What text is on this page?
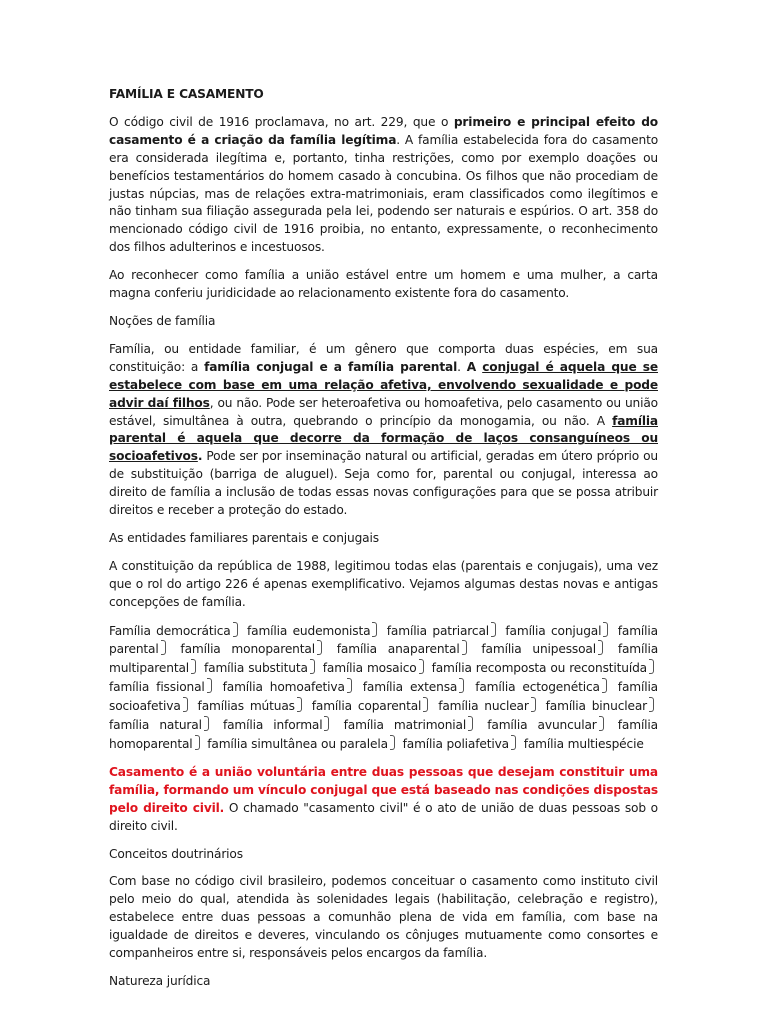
FAMÍLIA E CASAMENTO

O código civil de 1916 proclamava, no art. 229, que o primeiro e principal efeito do casamento é a criação da família legítima. A família estabelecida fora do casamento era considerada ilegítima e, portanto, tinha restrições, como por exemplo doações ou benefícios testamentários do homem casado à concubina. Os filhos que não procediam de justas núpcias, mas de relações extra-matrimoniais, eram classificados como ilegítimos e não tinham sua filiação assegurada pela lei, podendo ser naturais e espúrios. O art. 358 do mencionado código civil de 1916 proibia, no entanto, expressamente, o reconhecimento dos filhos adulterinos e incestuosos.

Ao reconhecer como família a união estável entre um homem e uma mulher, a carta magna conferiu juridicidade ao relacionamento existente fora do casamento.

Noções de família

Família, ou entidade familiar, é um gênero que comporta duas espécies, em sua constituição: a família conjugal e a família parental. A conjugal é aquela que se estabelece com base em uma relação afetiva, envolvendo sexualidade e pode advir daí filhos, ou não. Pode ser heteroafetiva ou homoafetiva, pelo casamento ou união estável, simultânea à outra, quebrando o princípio da monogamia, ou não. A família parental é aquela que decorre da formação de laços consanguíneos ou socioafetivos. Pode ser por inseminação natural ou artificial, geradas em útero próprio ou de substituição (barriga de aluguel). Seja como for, parental ou conjugal, interessa ao direito de família a inclusão de todas essas novas configurações para que se possa atribuir direitos e receber a proteção do estado.

As entidades familiares parentais e conjugais

A constituição da república de 1988, legitimou todas elas (parentais e conjugais), uma vez que o rol do artigo 226 é apenas exemplificativo. Vejamos algumas destas novas e antigas concepções de família.

Família democrática família eudemonista família patriarcal família conjugal família parental família monoparental família anaparental família unipessoal família multiparental família substituta família mosaico família recomposta ou reconstituída família fissional família homoafetiva família extensa família ectogenética família socioafetiva famílias mútuas família coparental família nuclear família binuclear família natural família informal família matrimonial família avuncular família homoparental família simultânea ou paralela família poliafetiva família multiespécie

Casamento é a união voluntária entre duas pessoas que desejam constituir uma família, formando um vínculo conjugal que está baseado nas condições dispostas pelo direito civil. O chamado "casamento civil" é o ato de união de duas pessoas sob o direito civil.

Conceitos doutrinários

Com base no código civil brasileiro, podemos conceituar o casamento como instituto civil pelo meio do qual, atendida às solenidades legais (habilitação, celebração e registro), estabelece entre duas pessoas a comunhão plena de vida em família, com base na igualdade de direitos e deveres, vinculando os cônjuges mutuamente como consortes e companheiros entre si, responsáveis pelos encargos da família.

Natureza jurídica
